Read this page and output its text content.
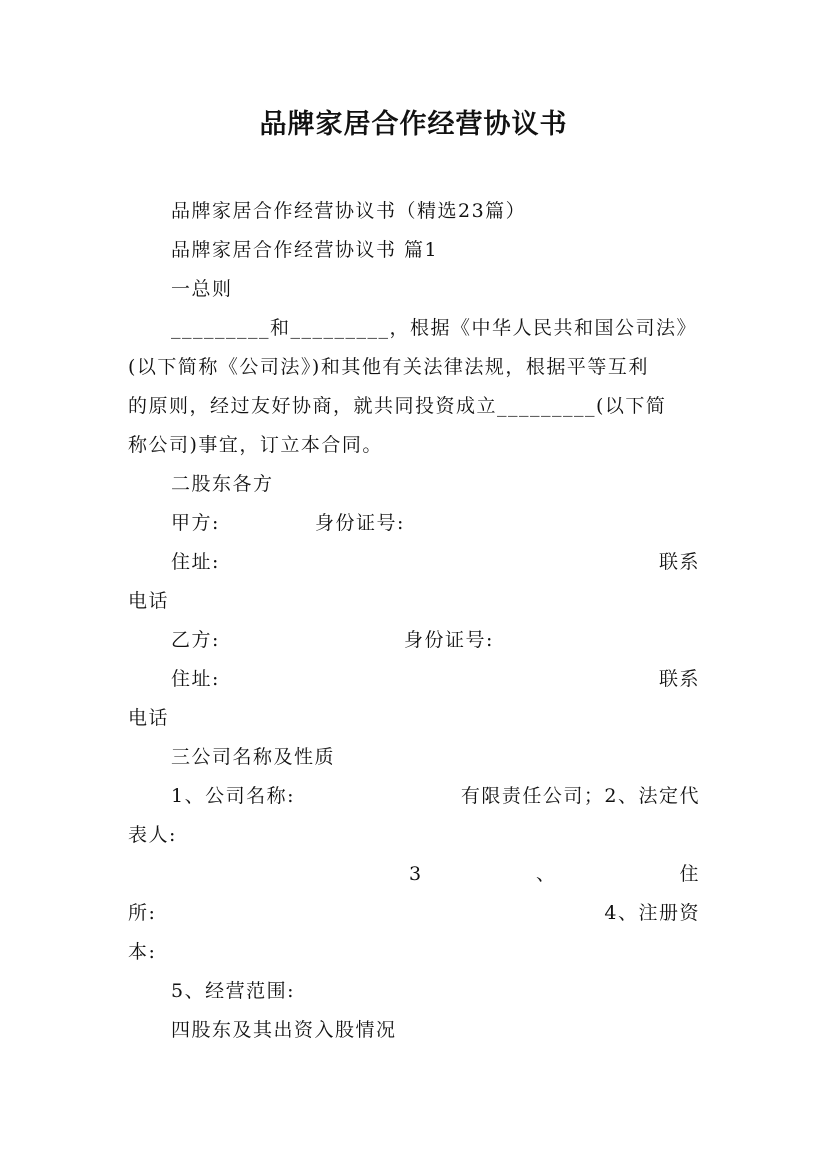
品牌家居合作经营协议书
品牌家居合作经营协议书（精选23篇）
品牌家居合作经营协议书 篇1
一总则
_________和_________，根据《中华人民共和国公司法》
(以下简称《公司法》)和其他有关法律法规，根据平等互利
的原则，经过友好协商，就共同投资成立_________(以下简
称公司)事宜，订立本合同。
二股东各方
甲方:	身份证号:
住址:	联系
电话
乙方:	身份证号:
住址:	联系
电话
三公司名称及性质
1、公司名称:	有限责任公司；2、法定代
表人:
3	、	住
所:	4、注册资
本:
5、经营范围:
四股东及其出资入股情况
